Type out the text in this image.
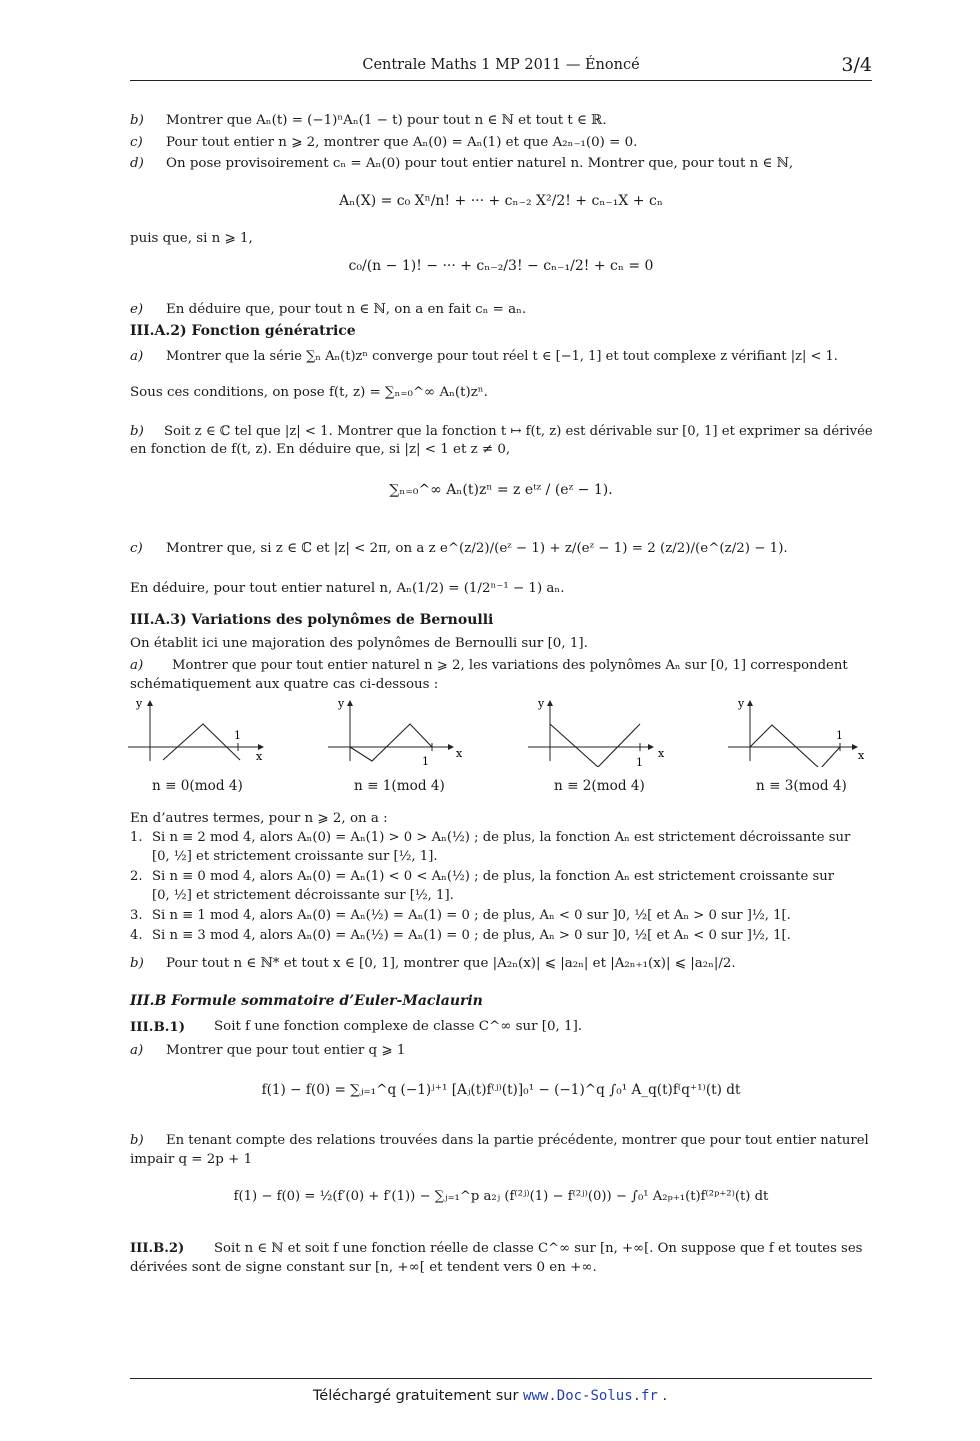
Centrale Maths 1 MP 2011 — Énoncé	3/4
b) Montrer que Aₙ(t) = (−1)ⁿAₙ(1 − t) pour tout n ∈ ℕ et tout t ∈ ℝ.
c) Pour tout entier n ⩾ 2, montrer que Aₙ(0) = Aₙ(1) et que A₂ₙ₋₁(0) = 0.
d) On pose provisoirement cₙ = Aₙ(0) pour tout entier naturel n. Montrer que, pour tout n ∈ ℕ,
Aₙ(X) = c₀ Xⁿ/n! + ··· + cₙ₋₂ X²/2! + cₙ₋₁X + cₙ
puis que, si n ⩾ 1,
c₀/(n − 1)! − ··· + cₙ₋₂/3! − cₙ₋₁/2! + cₙ = 0
e) En déduire que, pour tout n ∈ ℕ, on a en fait cₙ = aₙ.
III.A.2) Fonction génératrice
a) Montrer que la série ∑ₙ Aₙ(t)zⁿ converge pour tout réel t ∈ [−1, 1] et tout complexe z vérifiant |z| < 1.
Sous ces conditions, on pose f(t, z) = ∑ₙ₌₀^∞ Aₙ(t)zⁿ.
b) Soit z ∈ ℂ tel que |z| < 1. Montrer que la fonction t ↦ f(t, z) est dérivable sur [0, 1] et exprimer sa dérivée
en fonction de f(t, z). En déduire que, si |z| < 1 et z ≠ 0,
∑ₙ₌₀^∞ Aₙ(t)zⁿ = z eᵗᶻ / (eᶻ − 1).
c) Montrer que, si z ∈ ℂ et |z| < 2π, on a z e^(z/2)/(eᶻ − 1) + z/(eᶻ − 1) = 2 (z/2)/(e^(z/2) − 1).
En déduire, pour tout entier naturel n, Aₙ(1/2) = (1/2ⁿ⁻¹ − 1) aₙ.
III.A.3) Variations des polynômes de Bernoulli
On établit ici une majoration des polynômes de Bernoulli sur [0, 1].
a) Montrer que pour tout entier naturel n ⩾ 2, les variations des polynômes Aₙ sur [0, 1] correspondent
schématiquement aux quatre cas ci-dessous :
y
x
1
y
x
1
y
x
1
y
x
1
n ≡ 0(mod 4)	n ≡ 1(mod 4)	n ≡ 2(mod 4)	n ≡ 3(mod 4)
En d’autres termes, pour n ⩾ 2, on a :
1. Si n ≡ 2 mod 4, alors Aₙ(0) = Aₙ(1) > 0 > Aₙ(½) ; de plus, la fonction Aₙ est strictement décroissante sur
[0, ½] et strictement croissante sur [½, 1].
2. Si n ≡ 0 mod 4, alors Aₙ(0) = Aₙ(1) < 0 < Aₙ(½) ; de plus, la fonction Aₙ est strictement croissante sur
[0, ½] et strictement décroissante sur [½, 1].
3. Si n ≡ 1 mod 4, alors Aₙ(0) = Aₙ(½) = Aₙ(1) = 0 ; de plus, Aₙ < 0 sur ]0, ½[ et Aₙ > 0 sur ]½, 1[.
4. Si n ≡ 3 mod 4, alors Aₙ(0) = Aₙ(½) = Aₙ(1) = 0 ; de plus, Aₙ > 0 sur ]0, ½[ et Aₙ < 0 sur ]½, 1[.
b) Pour tout n ∈ ℕ* et tout x ∈ [0, 1], montrer que |A₂ₙ(x)| ⩽ |a₂ₙ| et |A₂ₙ₊₁(x)| ⩽ |a₂ₙ|/2.
III.B Formule sommatoire d’Euler-Maclaurin
III.B.1) Soit f une fonction complexe de classe C^∞ sur [0, 1].
a) Montrer que pour tout entier q ⩾ 1
f(1) − f(0) = ∑ⱼ₌₁^q (−1)ʲ⁺¹ [Aⱼ(t)f⁽ʲ⁾(t)]₀¹ − (−1)^q ∫₀¹ A_q(t)f⁽q⁺¹⁾(t) dt
b) En tenant compte des relations trouvées dans la partie précédente, montrer que pour tout entier naturel
impair q = 2p + 1
f(1) − f(0) = ½(f′(0) + f′(1)) − ∑ⱼ₌₁^p a₂ⱼ (f⁽²ʲ⁾(1) − f⁽²ʲ⁾(0)) − ∫₀¹ A₂ₚ₊₁(t)f⁽²ᵖ⁺²⁾(t) dt
III.B.2) Soit n ∈ ℕ et soit f une fonction réelle de classe C^∞ sur [n, +∞[. On suppose que f et toutes ses
dérivées sont de signe constant sur [n, +∞[ et tendent vers 0 en +∞.
Téléchargé gratuitement sur www.Doc-Solus.fr .
